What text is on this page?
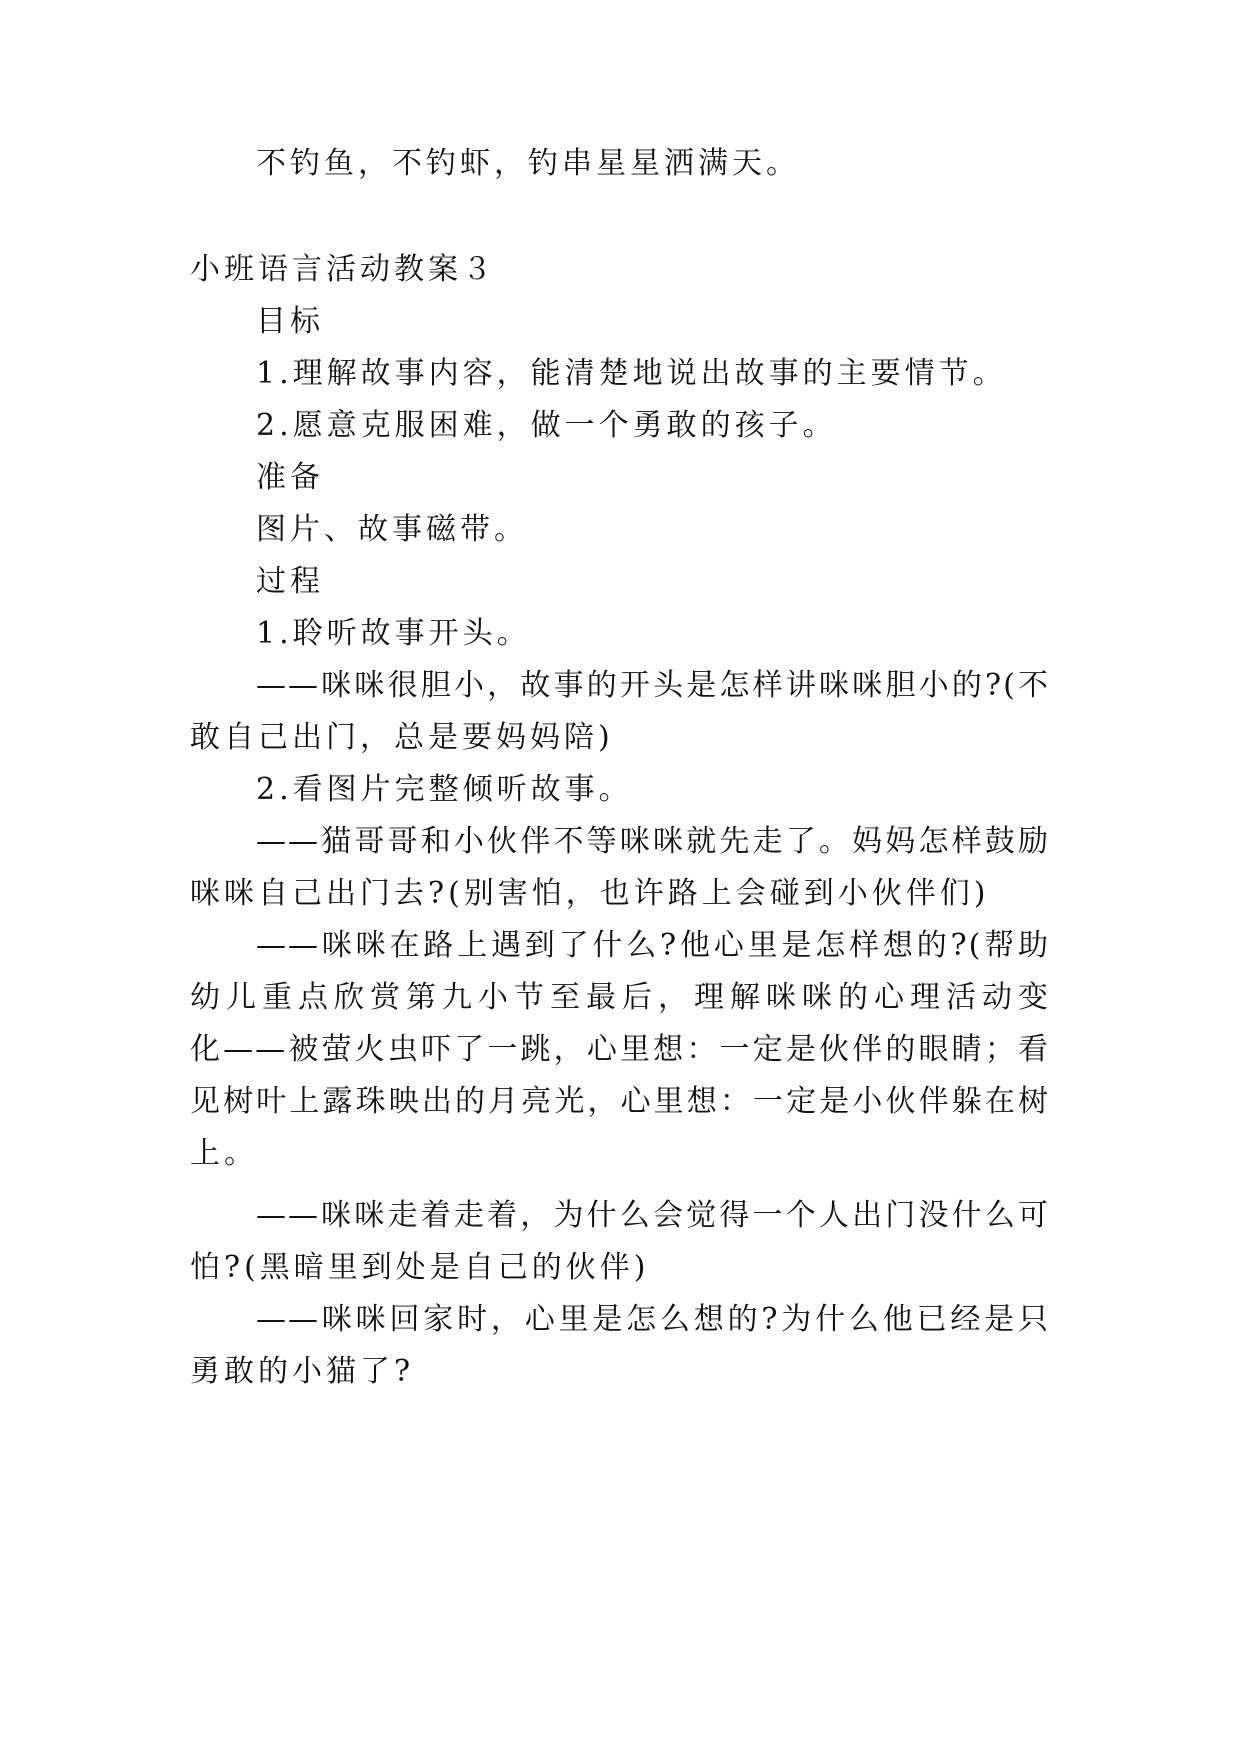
不钓鱼，不钓虾，钓串星星洒满天。
小班语言活动教案３
目标
1.理解故事内容，能清楚地说出故事的主要情节。
2.愿意克服困难，做一个勇敢的孩子。
准备
图片、故事磁带。
过程
1.聆听故事开头。
——咪咪很胆小，故事的开头是怎样讲咪咪胆小的?(不
敢自己出门，总是要妈妈陪)
2.看图片完整倾听故事。
——猫哥哥和小伙伴不等咪咪就先走了。妈妈怎样鼓励
咪咪自己出门去?(别害怕，也许路上会碰到小伙伴们)
——咪咪在路上遇到了什么?他心里是怎样想的?(帮助
幼儿重点欣赏第九小节至最后，理解咪咪的心理活动变
化——被萤火虫吓了一跳，心里想：一定是伙伴的眼睛；看
见树叶上露珠映出的月亮光，心里想：一定是小伙伴躲在树
上。
——咪咪走着走着，为什么会觉得一个人出门没什么可
怕?(黑暗里到处是自己的伙伴)
——咪咪回家时，心里是怎么想的?为什么他已经是只
勇敢的小猫了?
